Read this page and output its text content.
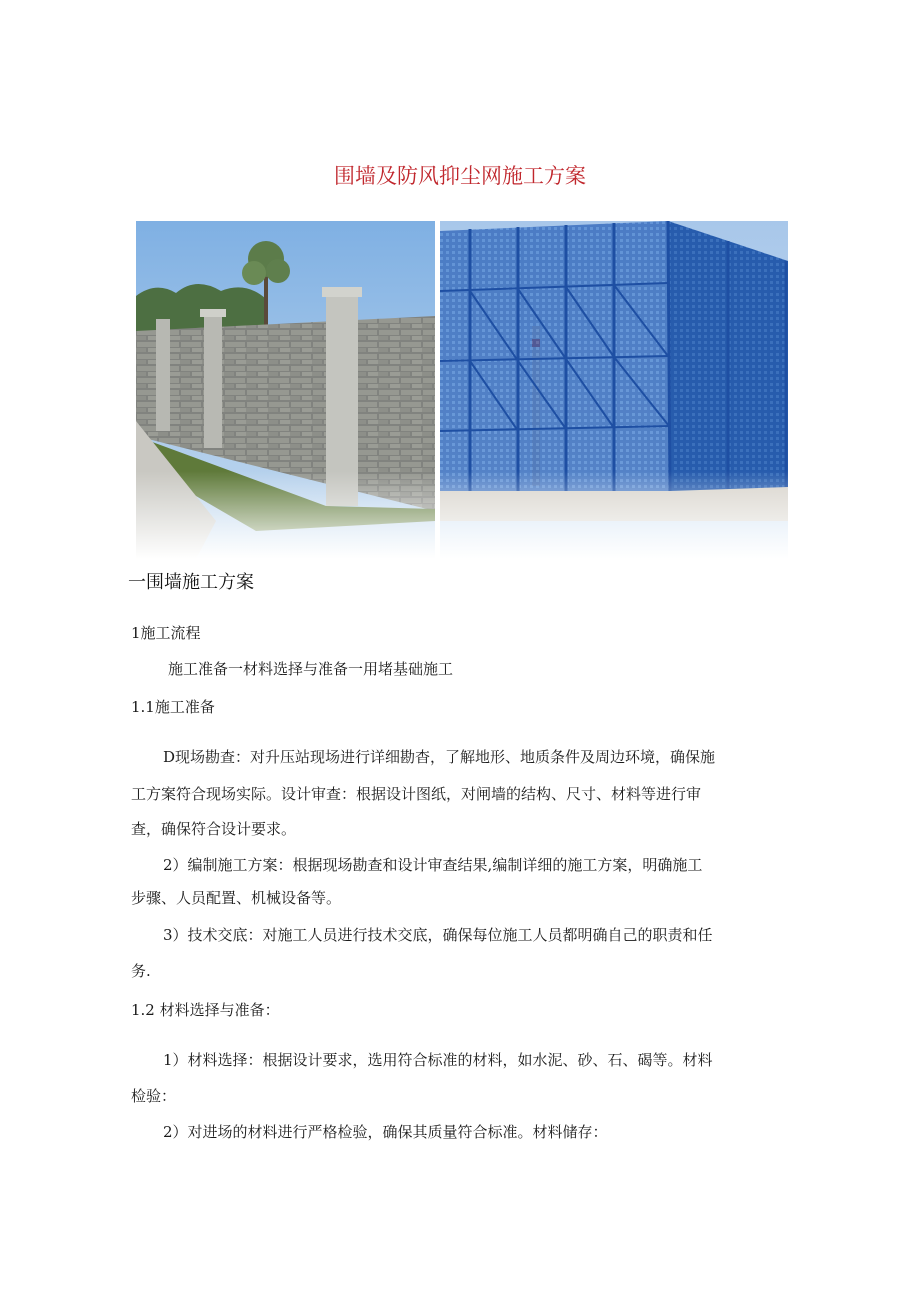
围墙及防风抑尘网施工方案
一围墙施工方案
1施工流程
施工准备一材料选择与准备一用堵基础施工
1.1施工准备
D现场勘查：对升压站现场进行详细勘杳，了解地形、地质条件及周边环境，确保施
工方案符合现场实际。设计审查：根据设计图纸，对闸墙的结构、尺寸、材料等进行审
查，确保符合设计要求。
2）编制施工方案：根据现场勘查和设计审查结果,编制详细的施工方案，明确施工
步骤、人员配置、机械设备等。
3）技术交底：对施工人员进行技术交底，确保每位施工人员都明确自己的职责和任
务.
1.2 材料选择与准备：
1）材料选择：根据设计要求，选用符合标准的材料，如水泥、砂、石、碣等。材料
检验：
2）对进场的材料进行严格检验，确保其质量符合标准。材料储存：
